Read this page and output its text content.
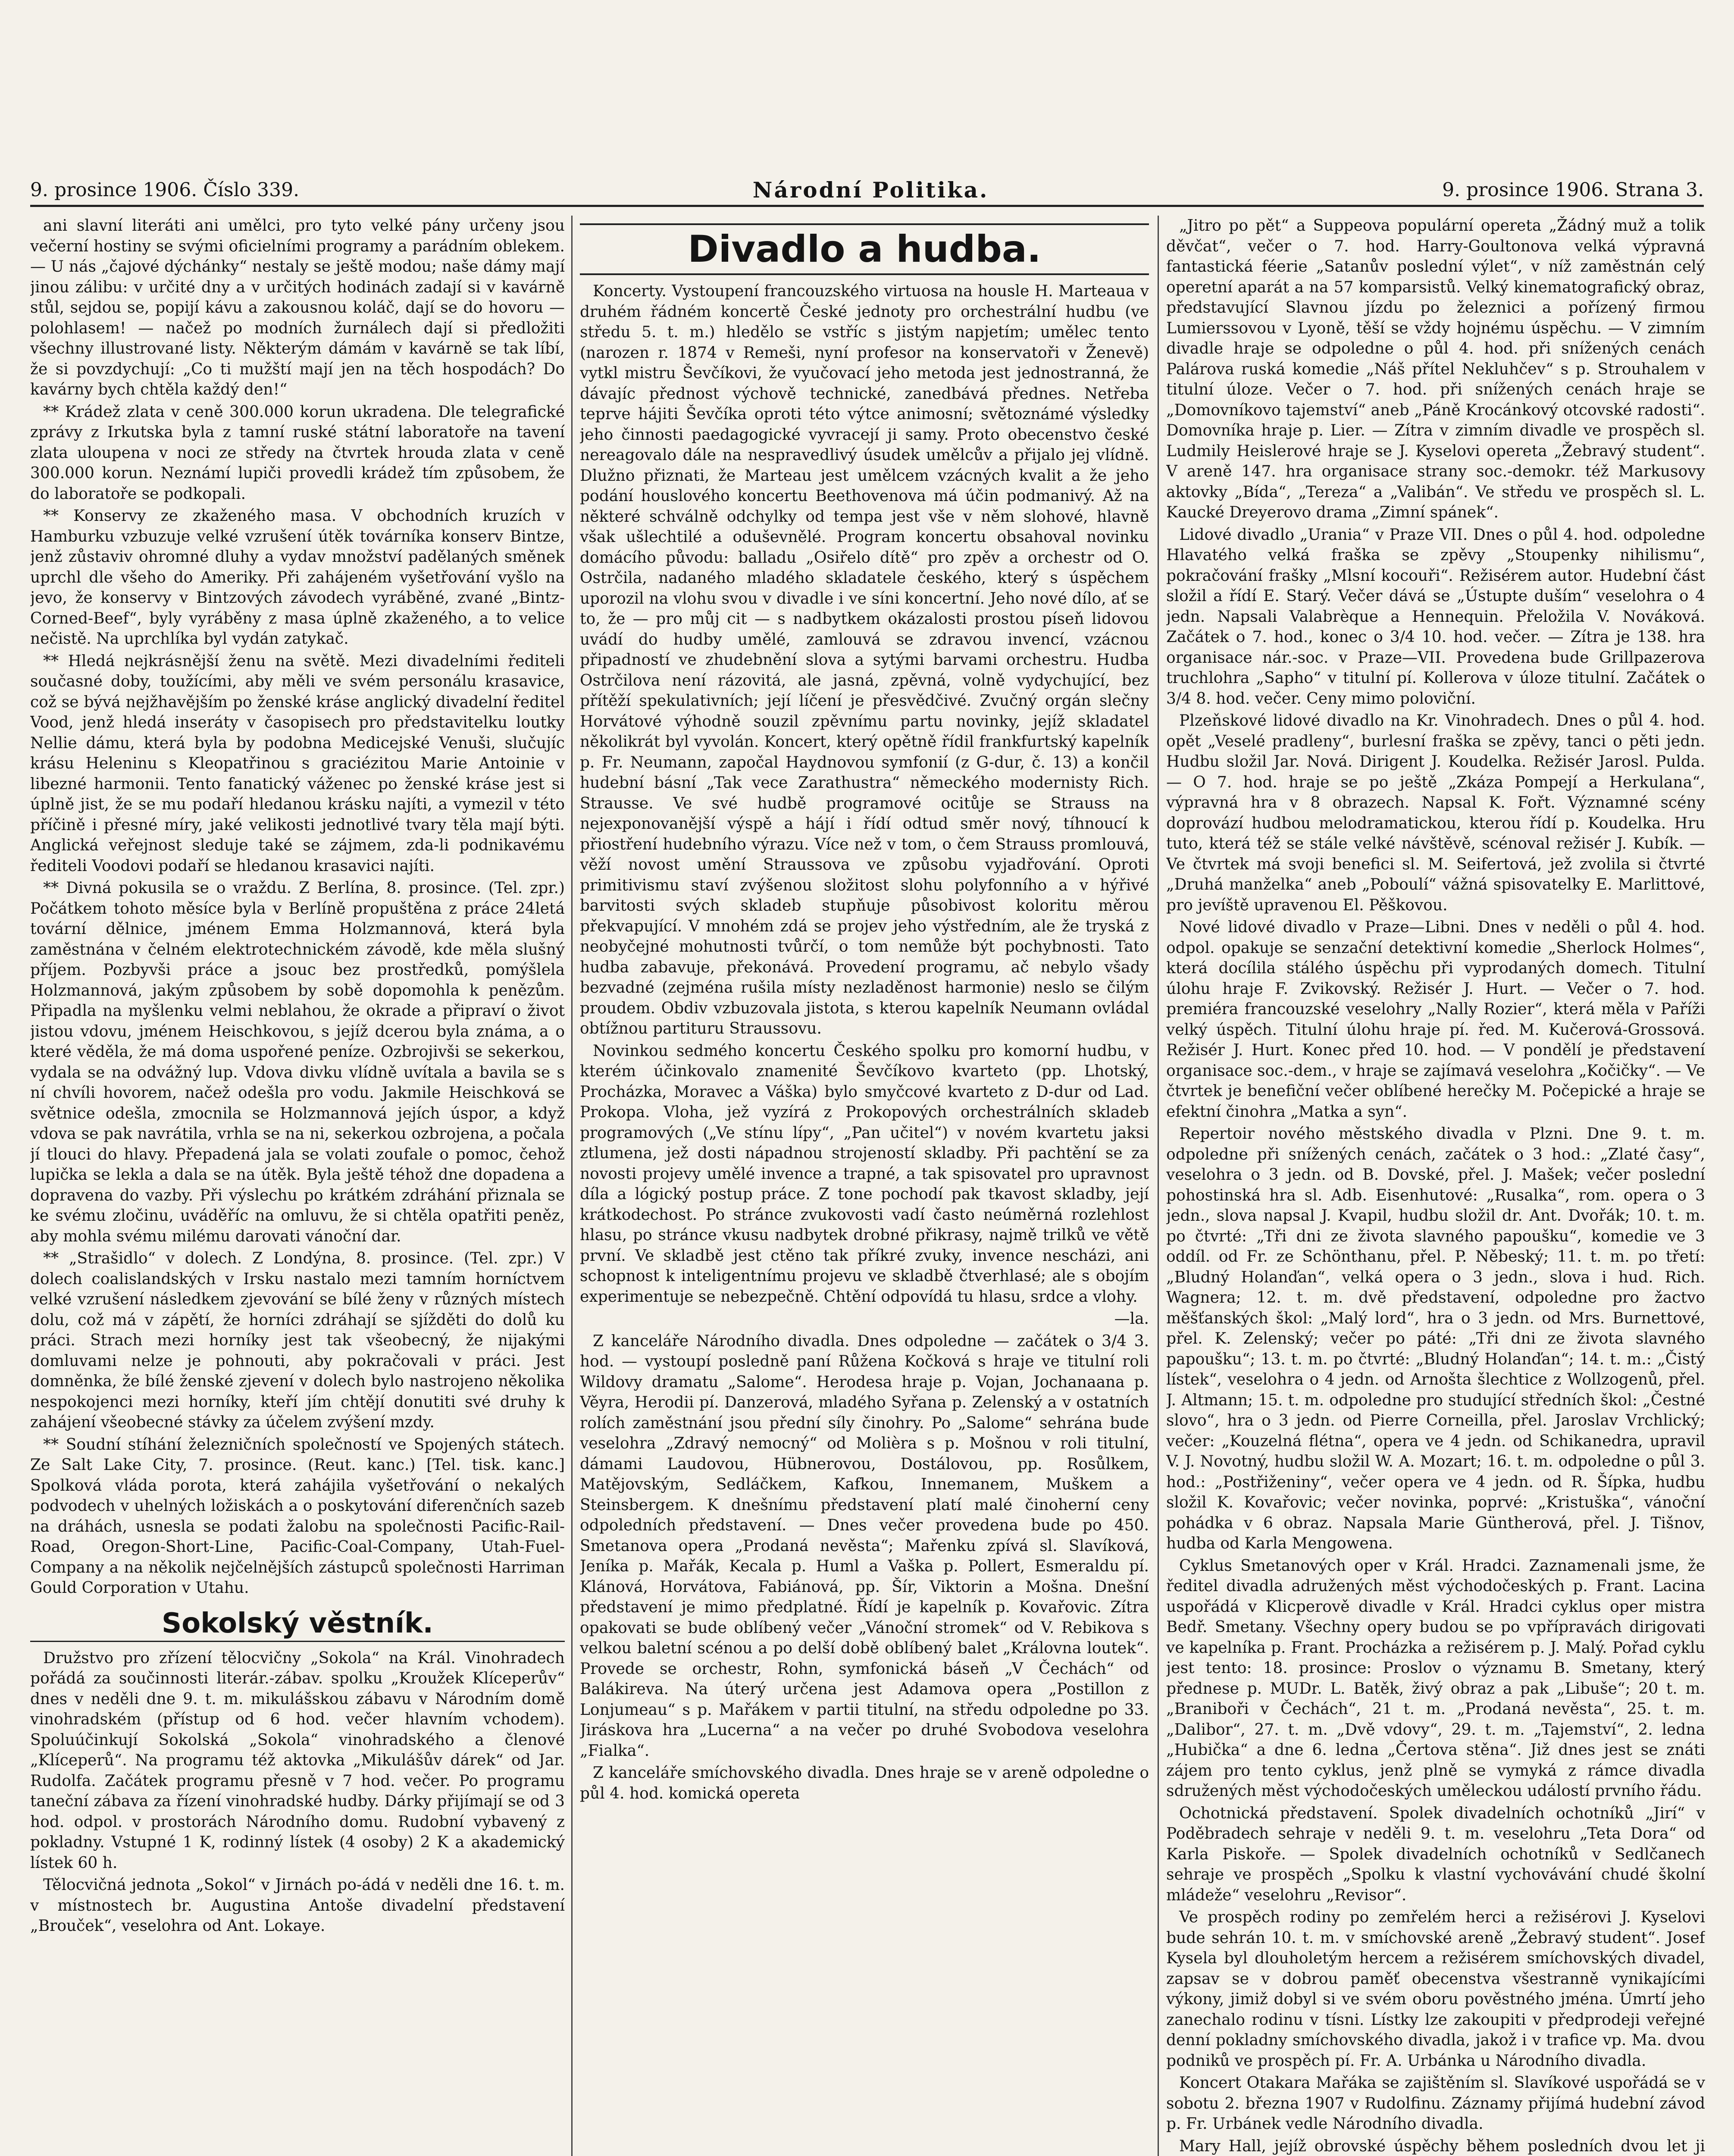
9. prosince 1906. Číslo 339.	Národní Politika.	9. prosince 1906. Strana 3.

ani slavní literáti ani umělci, pro tyto velké pány určeny jsou večerní hostiny se svými oficielními programy a parádním oblekem. — U nás „čajové dýchánky“ nestaly se ještě modou; naše dámy mají jinou zálibu: v určité dny a v určitých hodinách zadají si v kavárně stůl, sejdou se, popijí kávu a zakousnou koláč, dají se do hovoru — polohlasem! — načež po modních žurnálech dají si předložiti všechny illustrované listy. Některým dámám v kavárně se tak líbí, že si povzdychují: „Co ti mužští mají jen na těch hospodách? Do kavárny bych chtěla každý den!“

** Krádež zlata v ceně 300.000 korun ukradena. Dle telegrafické zprávy z Irkutska byla z tamní ruské státní laboratoře na tavení zlata uloupena v noci ze středy na čtvrtek hrouda zlata v ceně 300.000 korun. Neznámí lupiči provedli krádež tím způsobem, že do laboratoře se podkopali.

** Konservy ze zkaženého masa. V obchodních kruzích v Hamburku vzbuzuje velké vzrušení útěk továrníka konserv Bintze, jenž zůstaviv ohromné dluhy a vydav množství padělaných směnek uprchl dle všeho do Ameriky. Při zahájeném vyšetřování vyšlo na jevo, že konservy v Bintzových závodech vyráběné, zvané „Bintz-Corned-Beef“, byly vyráběny z masa úplně zkaženého, a to velice nečistě. Na uprchlíka byl vydán zatykač.

** Hledá nejkrásnější ženu na světě. Mezi divadelními řediteli současné doby, toužícími, aby měli ve svém personálu krasavice, což se bývá nejžhavějším po ženské kráse anglický divadelní ředitel Vood, jenž hledá inseráty v časopisech pro představitelku loutky Nellie dámu, která byla by podobna Medicejské Venuši, slučujíc krásu Heleninu s Kleopatřinou s graciézitou Marie Antoinie v libezné harmonii. Tento fanatický váženec po ženské kráse jest si úplně jist, že se mu podaří hledanou krásku najíti, a vymezil v této příčině i přesné míry, jaké velikosti jednotlivé tvary těla mají býti. Anglická veřejnost sleduje také se zájmem, zda-li podnikavému řediteli Voodovi podaří se hledanou krasavici najíti.

** Divná pokusila se o vraždu. Z Berlína, 8. prosince. (Tel. zpr.) Počátkem tohoto měsíce byla v Berlíně propuštěna z práce 24letá tovární dělnice, jménem Emma Holzmannová, která byla zaměstnána v čelném elektrotechnickém závodě, kde měla slušný příjem. Pozbyvši práce a jsouc bez prostředků, pomýšlela Holzmannová, jakým způsobem by sobě dopomohla k penězům. Připadla na myšlenku velmi neblahou, že okrade a připraví o život jistou vdovu, jménem Heischkovou, s jejíž dcerou byla známa, a o které věděla, že má doma uspořené peníze. Ozbrojivši se sekerkou, vydala se na odvážný lup. Vdova divku vlídně uvítala a bavila se s ní chvíli hovorem, načež odešla pro vodu. Jakmile Heischková se světnice odešla, zmocnila se Holzmannová jejích úspor, a když vdova se pak navrátila, vrhla se na ni, sekerkou ozbrojena, a počala jí tlouci do hlavy. Přepadená jala se volati zoufale o pomoc, čehož lupička se lekla a dala se na útěk. Byla ještě téhož dne dopadena a dopravena do vazby. Při výslechu po krátkém zdráhání přiznala se ke svému zločinu, uváděříc na omluvu, že si chtěla opatřiti peněz, aby mohla svému milému darovati vánoční dar.

** „Strašidlo“ v dolech. Z Londýna, 8. prosince. (Tel. zpr.) V dolech coalislandských v Irsku nastalo mezi tamním horníctvem velké vzrušení následkem zjevování se bílé ženy v různých místech dolu, což má v zápětí, že horníci zdráhají se sjížděti do dolů ku práci. Strach mezi horníky jest tak všeobecný, že nijakými domluvami nelze je pohnouti, aby pokračovali v práci. Jest domněnka, že bílé ženské zjevení v dolech bylo nastrojeno několika nespokojenci mezi horníky, kteří jím chtějí donutiti své druhy k zahájení všeobecné stávky za účelem zvýšení mzdy.

** Soudní stíhání železničních společností ve Spojených státech. Ze Salt Lake City, 7. prosince. (Reut. kanc.) [Tel. tisk. kanc.] Spolková vláda porota, která zahájila vyšetřování o nekalých podvodech v uhelných ložiskách a o poskytování diferenčních sazeb na dráhách, usnesla se podati žalobu na společnosti Pacific-Rail-Road, Oregon-Short-Line, Pacific-Coal-Company, Utah-Fuel-Company a na několik nejčelnějších zástupců společnosti Harriman Gould Corporation v Utahu.

Sokolský věstník.

Družstvo pro zřízení tělocvičny „Sokola“ na Král. Vinohradech pořádá za součinnosti literár.-zábav. spolku „Kroužek Klíceperův“ dnes v neděli dne 9. t. m. mikulášskou zábavu v Národním domě vinohradském (přístup od 6 hod. večer hlavním vchodem). Spoluúčinkují Sokolská „Sokola“ vinohradského a členové „Klíceperů“. Na programu též aktovka „Mikulášův dárek“ od Jar. Rudolfa. Začátek programu přesně v 7 hod. večer. Po programu taneční zábava za řízení vinohradské hudby. Dárky přijímají se od 3 hod. odpol. v prostorách Národního domu. Rudobní vybavený z pokladny. Vstupné 1 K, rodinný lístek (4 osoby) 2 K a akademický lístek 60 h.

Tělocvičná jednota „Sokol“ v Jirnách po-ádá v neděli dne 16. t. m. v místnostech br. Augustina Antoše divadelní představení „Brouček“, veselohra od Ant. Lokaye.

Divadlo a hudba.

Koncerty. Vystoupení francouzského virtuosa na housle H. Marteaua v druhém řádném koncertě České jednoty pro orchestrální hudbu (ve středu 5. t. m.) hledělo se vstříc s jistým napjetím; umělec tento (narozen r. 1874 v Remeši, nyní profesor na konservatoři v Ženevě) vytkl mistru Ševčíkovi, že vyučovací jeho metoda jest jednostranná, že dávajíc přednost výchově technické, zanedbává přednes. Netřeba teprve hájiti Ševčíka oproti této výtce animosní; světoznámé výsledky jeho činnosti paedagogické vyvracejí ji samy. Proto obecenstvo české nereagovalo dále na nespravedlivý úsudek umělcův a přijalo jej vlídně. Dlužno přiznati, že Marteau jest umělcem vzácných kvalit a že jeho podání houslového koncertu Beethovenova má účin podmanivý. Až na některé schválně odchylky od tempa jest vše v něm slohové, hlavně však ušlechtilé a oduševnělé. Program koncertu obsahoval novinku domácího původu: balladu „Osiřelo dítě“ pro zpěv a orchestr od O. Ostrčila, nadaného mladého skladatele českého, který s úspěchem uporozil na vlohu svou v divadle i ve síni koncertní. Jeho nové dílo, ať se to, že — pro můj cit — s nadbytkem okázalosti prostou píseň lidovou uvádí do hudby umělé, zamlouvá se zdravou invencí, vzácnou připadností ve zhudebnění slova a sytými barvami orchestru. Hudba Ostrčilova není rázovitá, ale jasná, zpěvná, volně vydychující, bez přítěží spekulativních; její líčení je přesvědčivé. Zvučný orgán slečny Horvátové výhodně souzil zpěvnímu partu novinky, jejíž skladatel několikrát byl vyvolán. Koncert, který opětně řídil frankfurtský kapelník p. Fr. Neumann, započal Haydnovou symfonií (z G-dur, č. 13) a končil hudební básní „Tak vece Zarathustra“ německého modernisty Rich. Strausse. Ve své hudbě programové ocitůje se Strauss na nejexponovanější výspě a hájí i řídí odtud směr nový, tíhnoucí k přiostření hudebního výrazu. Více než v tom, o čem Strauss promlouvá, věží novost umění Straussova ve způsobu vyjadřování. Oproti primitivismu staví zvýšenou složitost slohu polyfonního a v hýřivé barvitosti svých skladeb stupňuje působivost koloritu měrou překvapující. V mnohém zdá se projev jeho výstředním, ale že tryská z neobyčejné mohutnosti tvůrčí, o tom nemůže být pochybnosti. Tato hudba zabavuje, překonává. Provedení programu, ač nebylo všady bezvadné (zejména rušila místy nezladěnost harmonie) neslo se čilým proudem. Obdiv vzbuzovala jistota, s kterou kapelník Neumann ovládal obtížnou partituru Straussovu.

Novinkou sedmého koncertu Českého spolku pro komorní hudbu, v kterém účinkovalo znamenité Ševčíkovo kvarteto (pp. Lhotský, Procházka, Moravec a Váška) bylo smyčcové kvarteto z D-dur od Lad. Prokopa. Vloha, jež vyzírá z Prokopových orchestrálních skladeb programových („Ve stínu lípy“, „Pan učitel“) v novém kvartetu jaksi ztlumena, jež dosti nápadnou strojeností skladby. Při pachtění se za novosti projevy umělé invence a trapné, a tak spisovatel pro upravnost díla a lógický postup práce. Z tone pochodí pak tkavost skladby, její krátkodechost. Po stránce zvukovosti vadí často neúměrná rozlehlost hlasu, po stránce vkusu nadbytek drobné přikrasy, najmě trilků ve větě první. Ve skladbě jest ctěno tak příkré zvuky, invence nescházi, ani schopnost k inteligentnímu projevu ve skladbě čtverhlasé; ale s obojím experimentuje se nebezpečně. Chtění odpovídá tu hlasu, srdce a vlohy.

—la.

Z kanceláře Národního divadla. Dnes odpoledne — začátek o 3/4 3. hod. — vystoupí posledně paní Růžena Kočková s hraje ve titulní roli Wildovy dramatu „Salome“. Herodesa hraje p. Vojan, Jochanaana p. Věyra, Herodii pí. Danzerová, mladého Syřana p. Zelenský a v ostatních rolích zaměstnání jsou přední síly činohry. Po „Salome“ sehrána bude veselohra „Zdravý nemocný“ od Molièra s p. Mošnou v roli titulní, dámami Laudovou, Hübnerovou, Dostálovou, pp. Rosůlkem, Matějovským, Sedláčkem, Kafkou, Innemanem, Muškem a Steinsbergem. K dnešnímu představení platí malé činoherní ceny odpoledních představení. — Dnes večer provedena bude po 450. Smetanova opera „Prodaná nevěsta“; Mařenku zpívá sl. Slavíková, Jeníka p. Mařák, Kecala p. Huml a Vaška p. Pollert, Esmeraldu pí. Klánová, Horvátova, Fabiánová, pp. Šír, Viktorin a Mošna. Dnešní představení je mimo předplatné. Řídí je kapelník p. Kovařovic. Zítra opakovati se bude oblíbený večer „Vánoční stromek“ od V. Rebikova s velkou baletní scénou a po delší době oblíbený balet „Královna loutek“. Provede se orchestr, Rohn, symfonická báseň „V Čechách“ od Balákireva. Na úterý určena jest Adamova opera „Postillon z Lonjumeau“ s p. Mařákem v partii titulní, na středu odpoledne po 33. Jiráskova hra „Lucerna“ a na večer po druhé Svobodova veselohra „Fialka“.

Z kanceláře smíchovského divadla. Dnes hraje se v areně odpoledne o půl 4. hod. komická opereta

„Jitro po pět“ a Suppeova populární opereta „Žádný muž a tolik děvčat“, večer o 7. hod. Harry-Goultonova velká výpravná fantastická féerie „Satanův poslední výlet“, v níž zaměstnán celý operetní aparát a na 57 komparsistů. Velký kinematografický obraz, představující Slavnou jízdu po železnici a pořízený firmou Lumierssovou v Lyoně, těší se vždy hojnému úspěchu. — V zimním divadle hraje se odpoledne o půl 4. hod. při snížených cenách Palárova ruská komedie „Náš přítel Nekluhčev“ s p. Strouhalem v titulní úloze. Večer o 7. hod. při snížených cenách hraje se „Domovníkovo tajemství“ aneb „Páně Krocánkový otcovské radosti“. Domovníka hraje p. Lier. — Zítra v zimním divadle ve prospěch sl. Ludmily Heislerové hraje se J. Kyselovi opereta „Žebravý student“. V areně 147. hra organisace strany soc.-demokr. též Markusovy aktovky „Bída“, „Tereza“ a „Valibán“. Ve středu ve prospěch sl. L. Kaucké Dreyerovo drama „Zimní spánek“.

Lidové divadlo „Urania“ v Praze VII. Dnes o půl 4. hod. odpoledne Hlavatého velká fraška se zpěvy „Stoupenky nihilismu“, pokračování frašky „Mlsní kocouři“. Režisérem autor. Hudební část složil a řídí E. Starý. Večer dává se „Ústupte duším“ veselohra o 4 jedn. Napsali Valabrèque a Hennequin. Přeložila V. Nováková. Začátek o 7. hod., konec o 3/4 10. hod. večer. — Zítra je 138. hra organisace nár.-soc. v Praze—VII. Provedena bude Grillpazerova truchlohra „Sapho“ v titulní pí. Kollerova v úloze titulní. Začátek o 3/4 8. hod. večer. Ceny mimo poloviční.

Plzeňskové lidové divadlo na Kr. Vinohradech. Dnes o půl 4. hod. opět „Veselé pradleny“, burlesní fraška se zpěvy, tanci o pěti jedn. Hudbu složil Jar. Nová. Dirigent J. Koudelka. Režisér Jarosl. Pulda. — O 7. hod. hraje se po ještě „Zkáza Pompejí a Herkulana“, výpravná hra v 8 obrazech. Napsal K. Fořt. Významné scény doprovází hudbou melodramatickou, kterou řídí p. Koudelka. Hru tuto, která též se stále velké návštěvě, scénoval režisér J. Kubík. — Ve čtvrtek má svoji benefici sl. M. Seifertová, jež zvolila si čtvrté „Druhá manželka“ aneb „Poboulí“ vážná spisovatelky E. Marlittové, pro jevíště upravenou El. Pěškovou.

Nové lidové divadlo v Praze—Libni. Dnes v neděli o půl 4. hod. odpol. opakuje se senzační detektivní komedie „Sherlock Holmes“, která docílila stálého úspěchu při vyprodaných domech. Titulní úlohu hraje F. Zvikovský. Režisér J. Hurt. — Večer o 7. hod. premiéra francouzské veselohry „Nally Rozier“, která měla v Paříži velký úspěch. Titulní úlohu hraje pí. řed. M. Kučerová-Grossová. Režisér J. Hurt. Konec před 10. hod. — V pondělí je představení organisace soc.-dem., v hraje se zajímavá veselohra „Kočičky“. — Ve čtvrtek je benefiční večer oblíbené herečky M. Počepické a hraje se efektní činohra „Matka a syn“.

Repertoir nového městského divadla v Plzni. Dne 9. t. m. odpoledne při snížených cenách, začátek o 3 hod.: „Zlaté časy“, veselohra o 3 jedn. od B. Dovské, přel. J. Mašek; večer poslední pohostinská hra sl. Adb. Eisenhutové: „Rusalka“, rom. opera o 3 jedn., slova napsal J. Kvapil, hudbu složil dr. Ant. Dvořák; 10. t. m. po čtvrté: „Tři dni ze života slavného papoušku“, komedie ve 3 oddíl. od Fr. ze Schönthanu, přel. P. Něbeský; 11. t. m. po třetí: „Bludný Holanďan“, velká opera o 3 jedn., slova i hud. Rich. Wagnera; 12. t. m. dvě představení, odpoledne pro žactvo měšťanských škol: „Malý lord“, hra o 3 jedn. od Mrs. Burnettové, přel. K. Zelenský; večer po páté: „Tři dni ze života slavného papoušku“; 13. t. m. po čtvrté: „Bludný Holanďan“; 14. t. m.: „Čistý lístek“, veselohra o 4 jedn. od Arnošta šlechtice z Wollzogenů, přel. J. Altmann; 15. t. m. odpoledne pro studující středních škol: „Čestné slovo“, hra o 3 jedn. od Pierre Corneilla, přel. Jaroslav Vrchlický; večer: „Kouzelná flétna“, opera ve 4 jedn. od Schikanedra, upravil V. J. Novotný, hudbu složil W. A. Mozart; 16. t. m. odpoledne o půl 3. hod.: „Postřiženiny“, večer opera ve 4 jedn. od R. Šípka, hudbu složil K. Kovařovic; večer novinka, poprvé: „Kristuška“, vánoční pohádka v 6 obraz. Napsala Marie Güntherová, přel. J. Tišnov, hudba od Karla Mengowena.

Cyklus Smetanových oper v Král. Hradci. Zaznamenali jsme, že ředitel divadla adružených měst východočeských p. Frant. Lacina uspořádá v Klicperově divadle v Král. Hradci cyklus oper mistra Bedř. Smetany. Všechny opery budou se po vpřípravách dirigovati ve kapelníka p. Frant. Procházka a režisérem p. J. Malý. Pořad cyklu jest tento: 18. prosince: Proslov o významu B. Smetany, který přednese p. MUDr. L. Batěk, živý obraz a pak „Libuše“; 20 t. m. „Braniboři v Čechách“, 21 t. m. „Prodaná nevěsta“, 25. t. m. „Dalibor“, 27. t. m. „Dvě vdovy“, 29. t. m. „Tajemství“, 2. ledna „Hubička“ a dne 6. ledna „Čertova stěna“. Již dnes jest se znáti zájem pro tento cyklus, jenž plně se vymyká z rámce divadla sdružených měst východočeských uměleckou událostí prvního řádu.

Ochotnická představení. Spolek divadelních ochotníků „Jirí“ v Poděbradech sehraje v neděli 9. t. m. veselohru „Teta Dora“ od Karla Piskoře. — Spolek divadelních ochotníků v Sedlčanech sehraje ve prospěch „Spolku k vlastní vychovávání chudé školní mládeže“ veselohru „Revisor“.

Ve prospěch rodiny po zemřelém herci a režisérovi J. Kyselovi bude sehrán 10. t. m. v smíchovské areně „Žebravý student“. Josef Kysela byl dlouholetým hercem a režisérem smíchovských divadel, zapsav se v dobrou paměť obecenstva všestranně vynikajícími výkony, jimiž dobyl si ve svém oboru pověstného jména. Úmrtí jeho zanechalo rodinu v tísni. Lístky lze zakoupiti v předprodeji veřejné denní pokladny smíchovského divadla, jakož i v trafice vp. Ma. dvou podniků ve prospěch pí. Fr. A. Urbánka u Národního divadla.

Koncert Otakara Mařáka se zajištěním sl. Slavíkové uspořádá se v sobotu 2. března 1907 v Rudolfinu. Záznamy přijímá hudební závod p. Fr. Urbánek vedle Národního divadla.

Mary Hall, jejíž obrovské úspěchy během posledních dvou let ji
